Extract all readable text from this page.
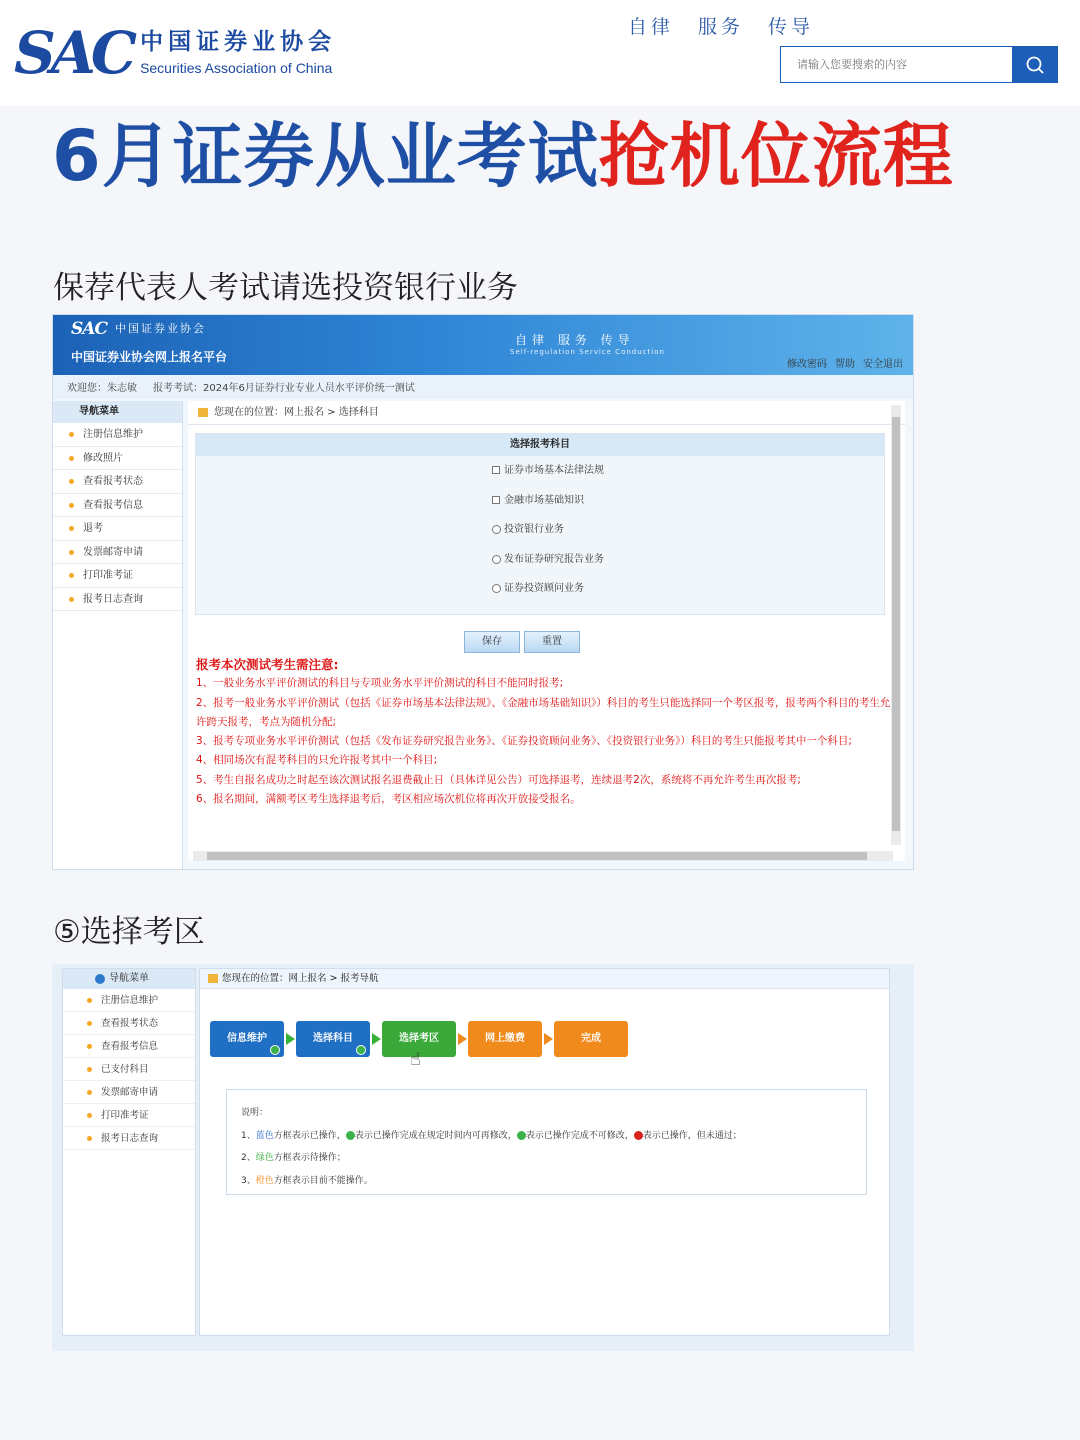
SAC 中国证券业协会
Securities Association of China
自律 服务 传导
请输入您要搜索的内容
6月证券从业考试抢机位流程
保荐代表人考试请选投资银行业务
SAC 中国证券业协会
中国证券业协会网上报名平台
自律 服务 传导
Self-regulation Service Conduction
修改密码 帮助 安全退出
欢迎您：朱志敏 报考考试：2024年6月证券行业专业人员水平评价统一测试
导航菜单
注册信息维护
修改照片
查看报考状态
查看报考信息
退考
发票邮寄申请
打印准考证
报考日志查询
您现在的位置：网上报名 > 选择科目
选择报考科目
证券市场基本法律法规
金融市场基础知识
投资银行业务
发布证券研究报告业务
证券投资顾问业务
保存	重置
报考本次测试考生需注意:
1、一般业务水平评价测试的科目与专项业务水平评价测试的科目不能同时报考;
2、报考一般业务水平评价测试（包括《证券市场基本法律法规》、《金融市场基础知识》）科目的考生只能选择同一个考区报考，报考两个科目的考生允许跨天报考，考点为随机分配;
3、报考专项业务水平评价测试（包括《发布证券研究报告业务》、《证券投资顾问业务》、《投资银行业务》）科目的考生只能报考其中一个科目;
4、相同场次有混考科目的只允许报考其中一个科目;
5、考生自报名成功之时起至该次测试报名退费截止日（具体详见公告）可选择退考，连续退考2次，系统将不再允许考生再次报考;
6、报名期间，满额考区考生选择退考后，考区相应场次机位将再次开放接受报名。
⑤选择考区
导航菜单
注册信息维护
查看报考状态
查看报考信息
已支付科目
发票邮寄申请
打印准考证
报考日志查询
您现在的位置：网上报名 > 报考导航
信息维护	选择科目	选择考区	网上缴费	完成
☝
说明：
1、蓝色方框表示已操作， 表示已操作完成在规定时间内可再修改， 表示已操作完成不可修改， 表示已操作，但未通过；
2、绿色方框表示待操作；
3、橙色方框表示目前不能操作。
